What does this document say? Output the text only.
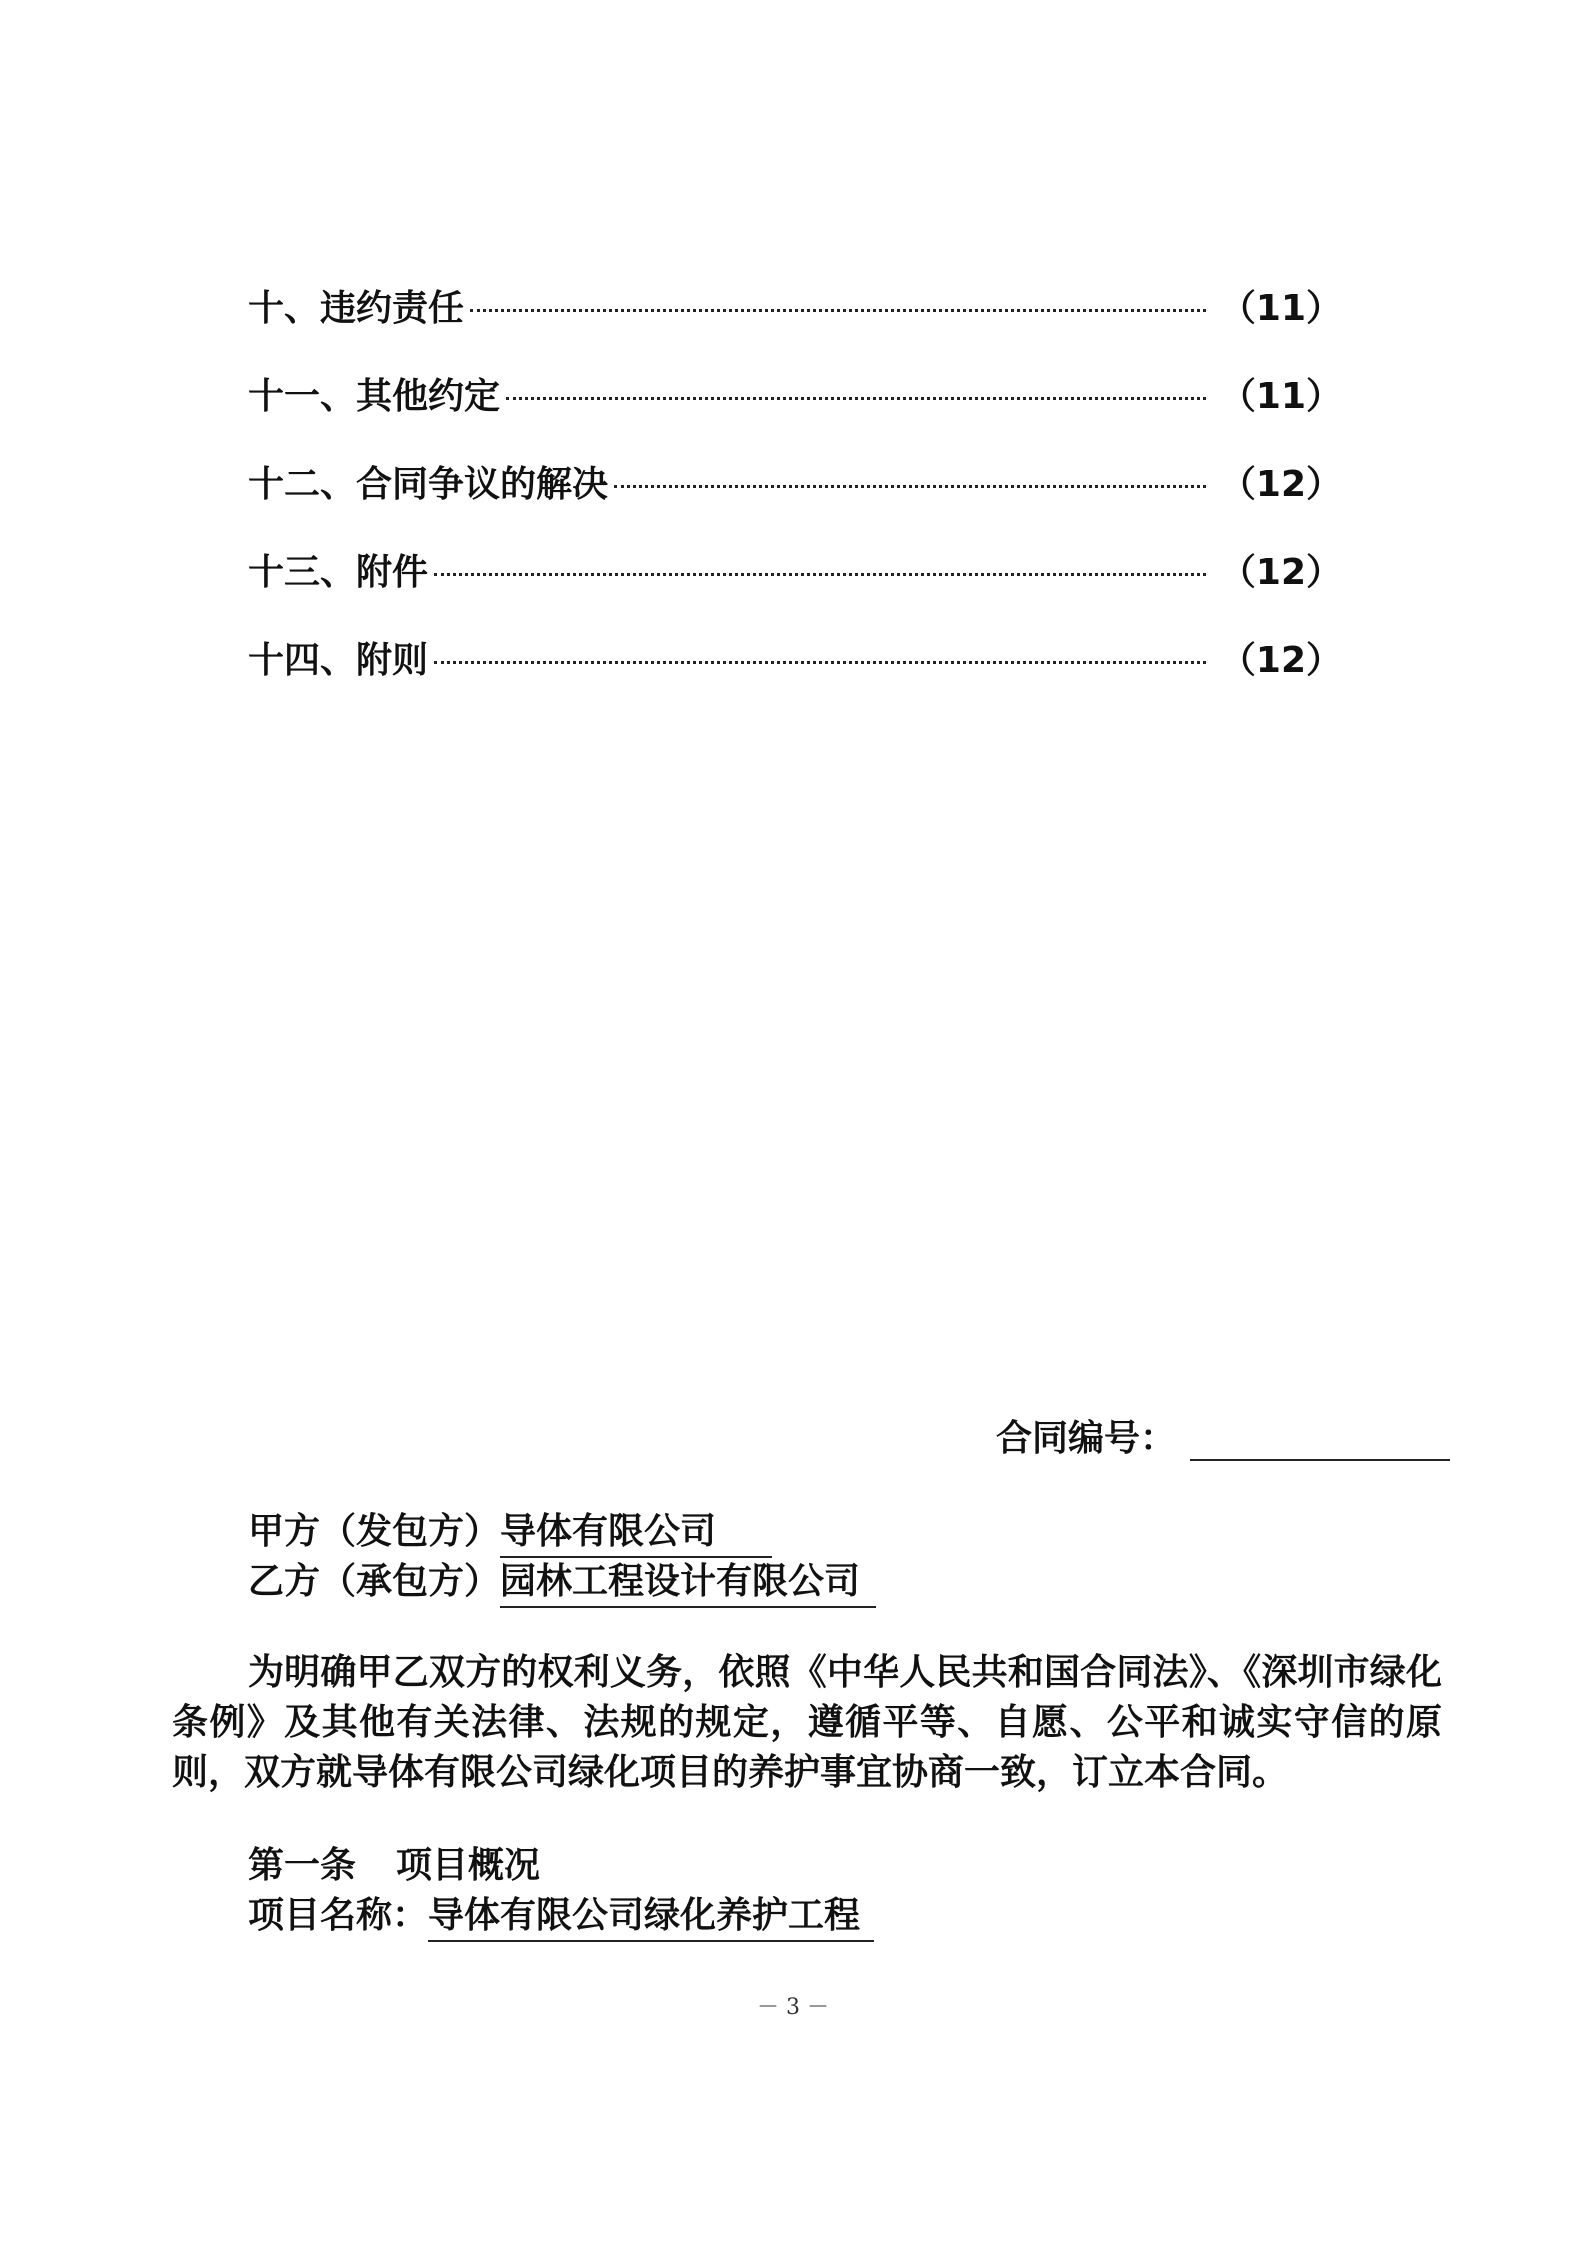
十、违约责任	（11）
十一、其他约定	（11）
十二、合同争议的解决	（12）
十三、附件	（12）
十四、附则	（12）
合同编号：
甲方（发包方）导体有限公司
乙方（承包方）园林工程设计有限公司

为明确甲乙双方的权利义务，依照《中华人民共和国合同法》、《深圳市绿化条例》及其他有关法律、法规的规定，遵循平等、自愿、公平和诚实守信的原则，双方就导体有限公司绿化项目的养护事宜协商一致，订立本合同。

第一条 项目概况
项目名称：导体有限公司绿化养护工程
－ 3 －
